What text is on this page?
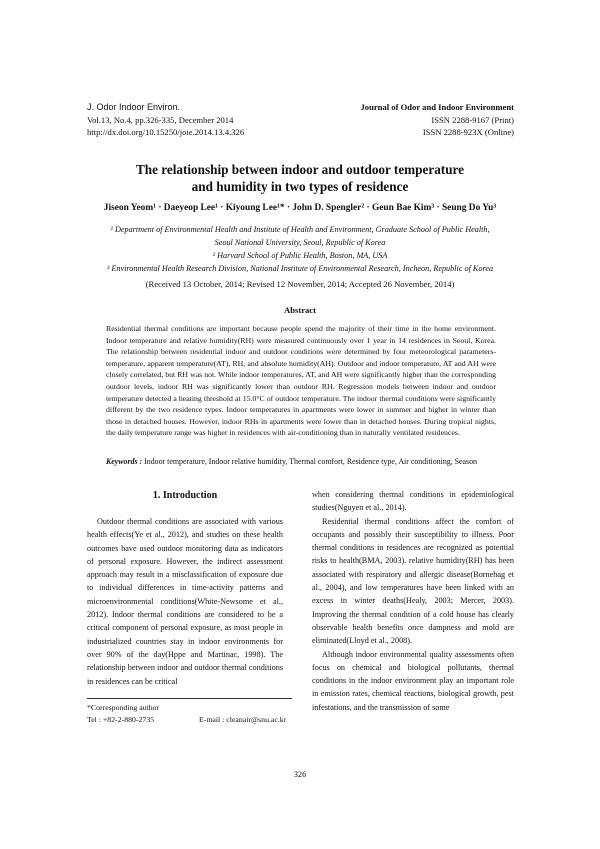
J. Odor Indoor Environ.
Vol.13, No.4, pp.326-335, December 2014
http://dx.doi.org/10.15250/joie.2014.13.4.326
Journal of Odor and Indoor Environment
ISSN 2288-9167 (Print)
ISSN 2288-923X (Online)
The relationship between indoor and outdoor temperature
and humidity in two types of residence
Jiseon Yeom¹ · Daeyeop Lee¹ · Kiyoung Lee¹* · John D. Spengler² · Geun Bae Kim³ · Seung Do Yu³
¹ Department of Environmental Health and Institute of Health and Environment, Graduate School of Public Health,
Seoul National University, Seoul, Republic of Korea
² Harvard School of Public Health, Boston, MA, USA
³ Environmental Health Research Division, National Institute of Environmental Research, Incheon, Republic of Korea
(Received 13 October, 2014; Revised 12 November, 2014; Accepted 26 November, 2014)
Abstract
Residential thermal conditions are important because people spend the majority of their time in the home environment. Indoor temperature and relative humidity(RH) were measured continuously over 1 year in 14 residences in Seoul, Korea. The relationship between residential indoor and outdoor conditions were determined by four meteorological parameters-temperature, apparent temperature(AT), RH, and absolute humidity(AH). Outdoor and indoor temperature, AT and AH were closely correlated, but RH was not. While indoor temperatures, AT, and AH were significantly higher than the corresponding outdoor levels, indoor RH was significantly lower than outdoor RH. Regression models between indoor and outdoor temperature detected a heating threshold at 15.0°C of outdoor temperature. The indoor thermal conditions were significantly different by the two residence types. Indoor temperatures in apartments were lower in summer and higher in winter than those in detached houses. However, indoor RHs in apartments were lower than in detached houses. During tropical nights, the daily temperature range was higher in residences with air-conditioning than in naturally ventilated residences.
Keywords : Indoor temperature, Indoor relative humidity, Thermal comfort, Residence type, Air conditioning, Season
1. Introduction

Outdoor thermal conditions are associated with various health effects(Ye et al., 2012), and studies on these health outcomes have used outdoor monitoring data as indicators of personal exposure. However, the indirect assessment approach may result in a misclassification of exposure due to individual differences in time-activity patterns and microenvironmental conditions(White-Newsome et al., 2012). Indoor thermal conditions are considered to be a critical component of personal exposure, as most people in industrialized countries stay in indoor environments for over 90% of the day(Hppe and Martinac, 1998). The relationship between indoor and outdoor thermal conditions in residences can be critical

when considering thermal conditions in epidemiological studies(Nguyen et al., 2014).

Residential thermal conditions affect the comfort of occupants and possibly their susceptibility to illness. Poor thermal conditions in residences are recognized as potential risks to health(BMA, 2003). relative humidity(RH) has been associated with respiratory and allergic disease(Bornehag et al., 2004), and low temperatures have been linked with an excess in winter deaths(Healy, 2003; Mercer, 2003). Improving the thermal condition of a cold house has clearly observable health benefits once dampness and mold are eliminated(Lloyd et al., 2008).

Although indoor environmental quality assessments often focus on chemical and biological pollutants, thermal conditions in the indoor environment play an important role in emission rates, chemical reactions, biological growth, pest infestations, and the transmission of some

*Corresponding author
Tel : +82-2-880-2735	E-mail : cleanair@snu.ac.kr
326
